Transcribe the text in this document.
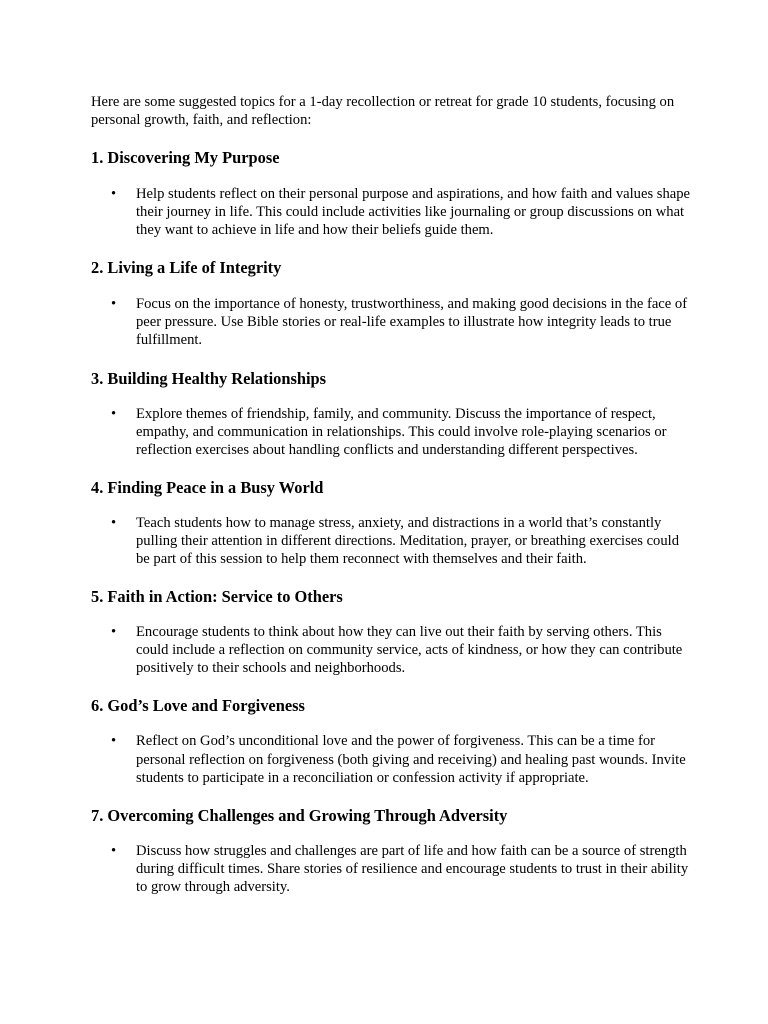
Here are some suggested topics for a 1-day recollection or retreat for grade 10 students, focusing on personal growth, faith, and reflection:

1. Discovering My Purpose
• Help students reflect on their personal purpose and aspirations, and how faith and values shape their journey in life. This could include activities like journaling or group discussions on what they want to achieve in life and how their beliefs guide them.
2. Living a Life of Integrity
• Focus on the importance of honesty, trustworthiness, and making good decisions in the face of peer pressure. Use Bible stories or real-life examples to illustrate how integrity leads to true fulfillment.
3. Building Healthy Relationships
• Explore themes of friendship, family, and community. Discuss the importance of respect, empathy, and communication in relationships. This could involve role-playing scenarios or reflection exercises about handling conflicts and understanding different perspectives.
4. Finding Peace in a Busy World
• Teach students how to manage stress, anxiety, and distractions in a world that’s constantly pulling their attention in different directions. Meditation, prayer, or breathing exercises could be part of this session to help them reconnect with themselves and their faith.
5. Faith in Action: Service to Others
• Encourage students to think about how they can live out their faith by serving others. This could include a reflection on community service, acts of kindness, or how they can contribute positively to their schools and neighborhoods.
6. God’s Love and Forgiveness
• Reflect on God’s unconditional love and the power of forgiveness. This can be a time for personal reflection on forgiveness (both giving and receiving) and healing past wounds. Invite students to participate in a reconciliation or confession activity if appropriate.
7. Overcoming Challenges and Growing Through Adversity
• Discuss how struggles and challenges are part of life and how faith can be a source of strength during difficult times. Share stories of resilience and encourage students to trust in their ability to grow through adversity.
